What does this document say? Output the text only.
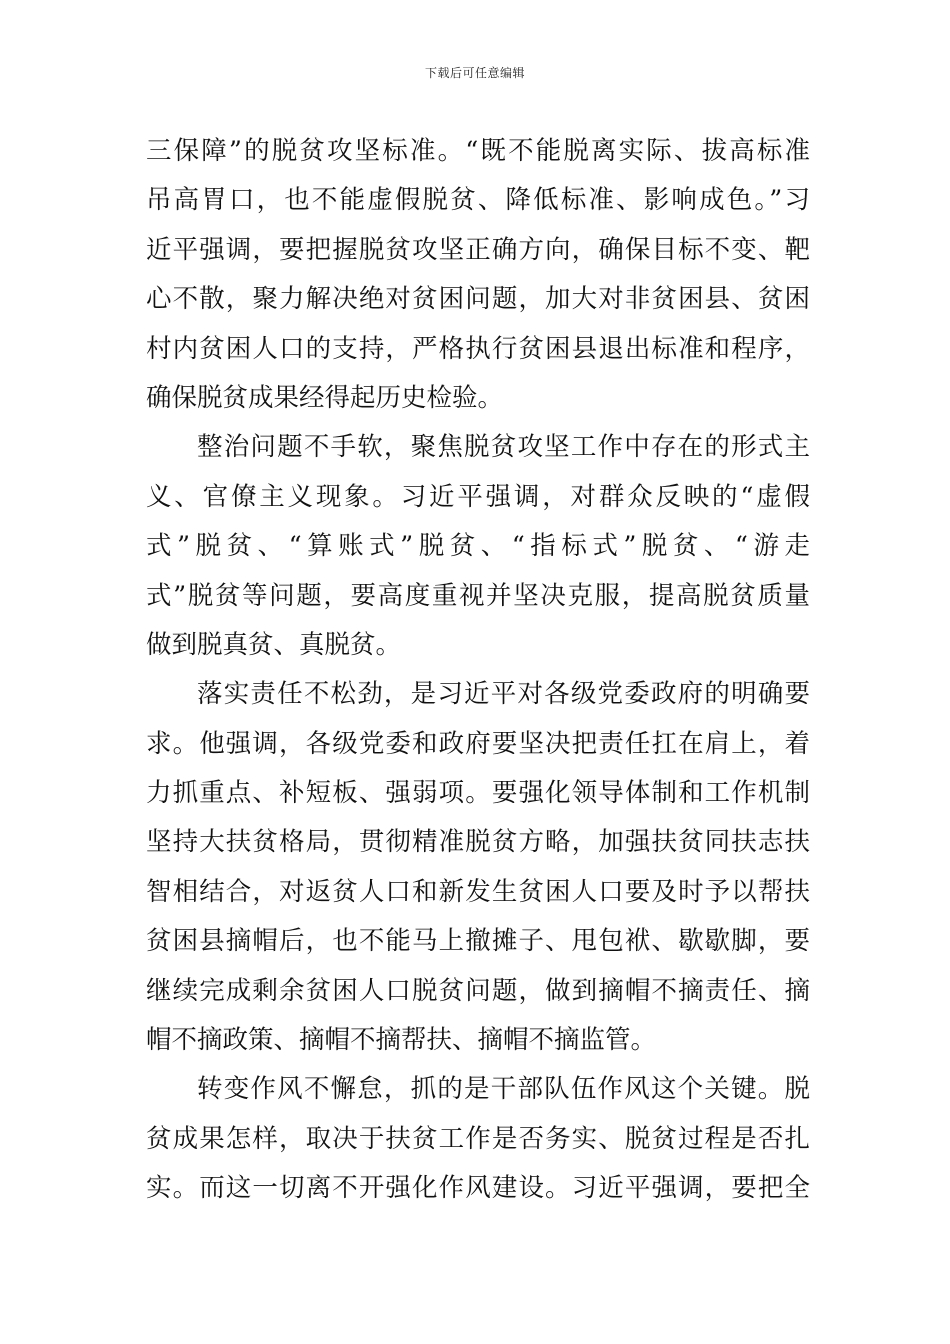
下载后可任意编辑
三保障”的脱贫攻坚标准。“既不能脱离实际、拔高标准
吊高胃口，也不能虚假脱贫、降低标准、影响成色。”习
近平强调，要把握脱贫攻坚正确方向，确保目标不变、靶
心不散，聚力解决绝对贫困问题，加大对非贫困县、贫困
村内贫困人口的支持，严格执行贫困县退出标准和程序，
确保脱贫成果经得起历史检验。
整治问题不手软，聚焦脱贫攻坚工作中存在的形式主
义、官僚主义现象。习近平强调，对群众反映的“虚假
式”脱贫、“算账式”脱贫、“指标式”脱贫、“游走
式”脱贫等问题，要高度重视并坚决克服，提高脱贫质量
做到脱真贫、真脱贫。
落实责任不松劲，是习近平对各级党委政府的明确要
求。他强调，各级党委和政府要坚决把责任扛在肩上，着
力抓重点、补短板、强弱项。要强化领导体制和工作机制
坚持大扶贫格局，贯彻精准脱贫方略，加强扶贫同扶志扶
智相结合，对返贫人口和新发生贫困人口要及时予以帮扶
贫困县摘帽后，也不能马上撤摊子、甩包袱、歇歇脚，要
继续完成剩余贫困人口脱贫问题，做到摘帽不摘责任、摘
帽不摘政策、摘帽不摘帮扶、摘帽不摘监管。
转变作风不懈怠，抓的是干部队伍作风这个关键。脱
贫成果怎样，取决于扶贫工作是否务实、脱贫过程是否扎
实。而这一切离不开强化作风建设。习近平强调，要把全
